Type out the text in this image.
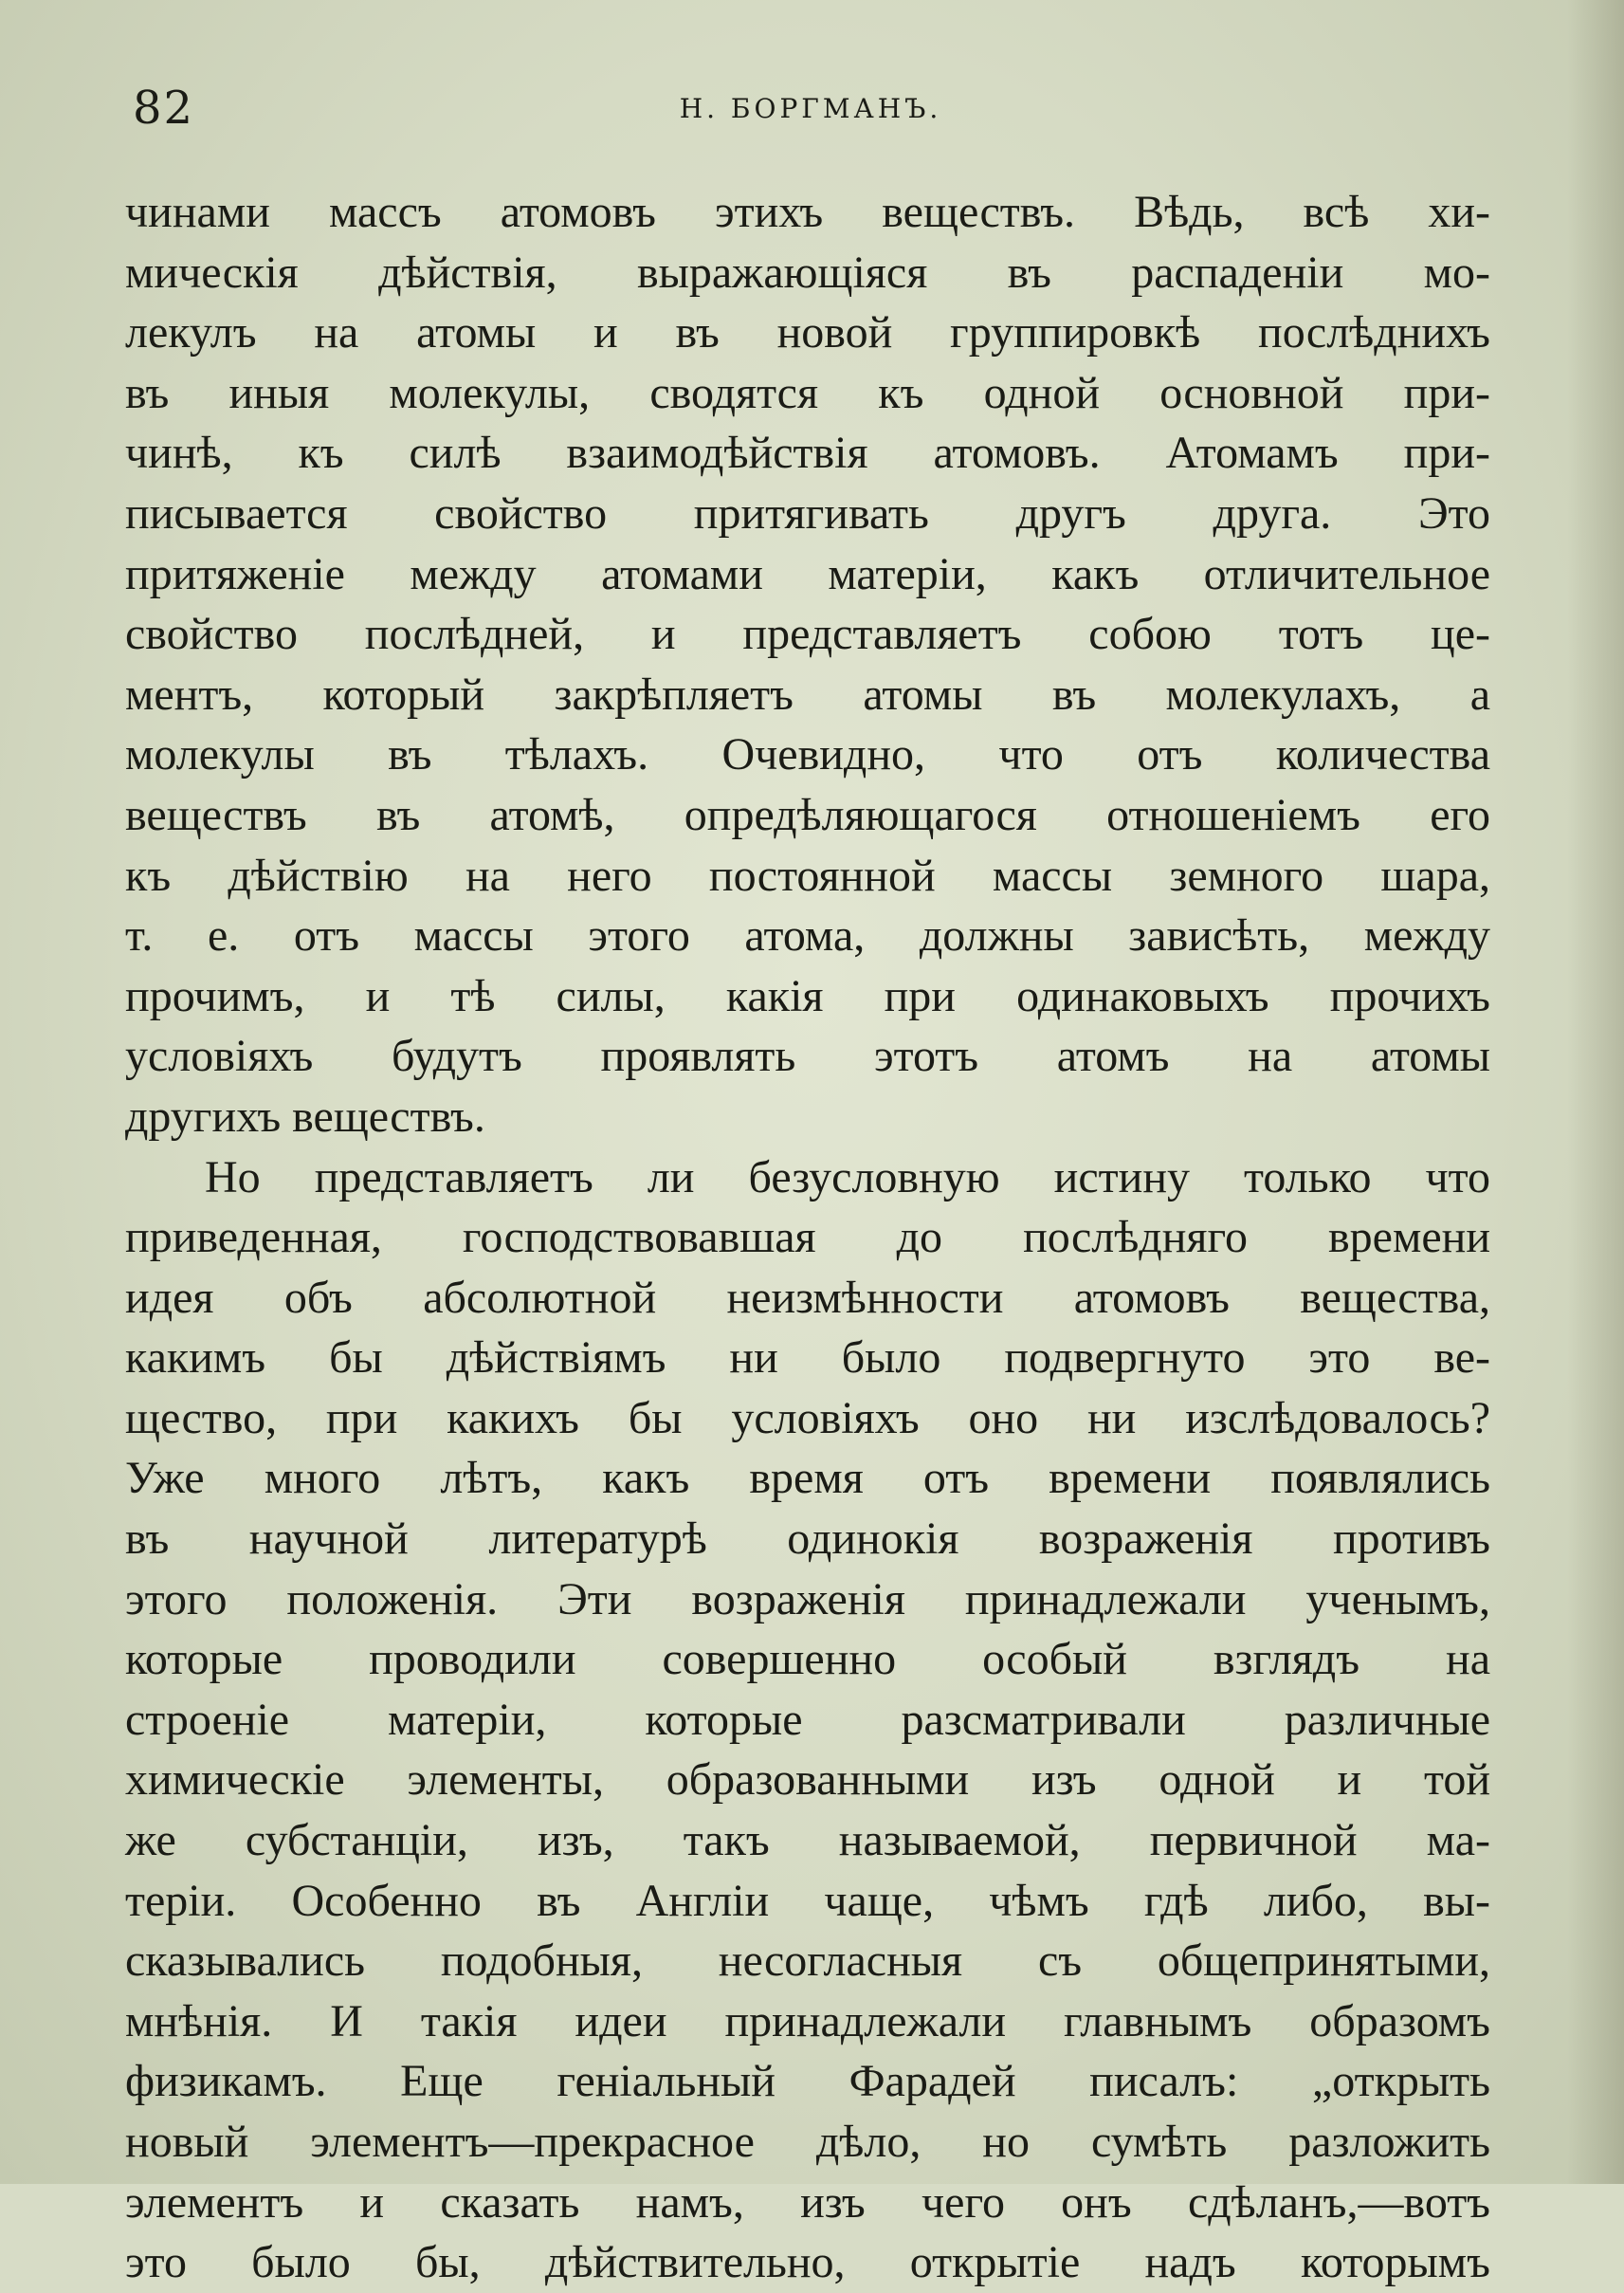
82	Н. БОРГМАНЪ.
чинами массъ атомовъ этихъ веществъ. Вѣдь, всѣ хи-
мическія дѣйствія, выражающіяся въ распаденіи мо-
лекулъ на атомы и въ новой группировкѣ послѣднихъ
въ иныя молекулы, сводятся къ одной основной при-
чинѣ, къ силѣ взаимодѣйствія атомовъ. Атомамъ при-
писывается свойство притягивать другъ друга. Это
притяженіе между атомами матеріи, какъ отличительное
свойство послѣдней, и представляетъ собою тотъ це-
ментъ, который закрѣпляетъ атомы въ молекулахъ, а
молекулы въ тѣлахъ. Очевидно, что отъ количества
веществъ въ атомѣ, опредѣляющагося отношеніемъ его
къ дѣйствію на него постоянной массы земного шара,
т. е. отъ массы этого атома, должны зависѣть, между
прочимъ, и тѣ силы, какія при одинаковыхъ прочихъ
условіяхъ будутъ проявлять этотъ атомъ на атомы
другихъ веществъ.
Но представляетъ ли безусловную истину только что
приведенная, господствовавшая до послѣдняго времени
идея объ абсолютной неизмѣнности атомовъ вещества,
какимъ бы дѣйствіямъ ни было подвергнуто это ве-
щество, при какихъ бы условіяхъ оно ни изслѣдовалось?
Уже много лѣтъ, какъ время отъ времени появлялись
въ научной литературѣ одинокія возраженія противъ
этого положенія. Эти возраженія принадлежали ученымъ,
которые проводили совершенно особый взглядъ на
строеніе матеріи, которые разсматривали различные
химическіе элементы, образованными изъ одной и той
же субстанціи, изъ, такъ называемой, первичной ма-
теріи. Особенно въ Англіи чаще, чѣмъ гдѣ либо, вы-
сказывались подобныя, несогласныя съ общепринятыми,
мнѣнія. И такія идеи принадлежали главнымъ образомъ
физикамъ. Еще геніальный Фарадей писалъ: „открыть
новый элементъ—прекрасное дѣло, но сумѣть разложить
элементъ и сказать намъ, изъ чего онъ сдѣланъ,—вотъ
это было бы, дѣйствительно, открытіе надъ которымъ
